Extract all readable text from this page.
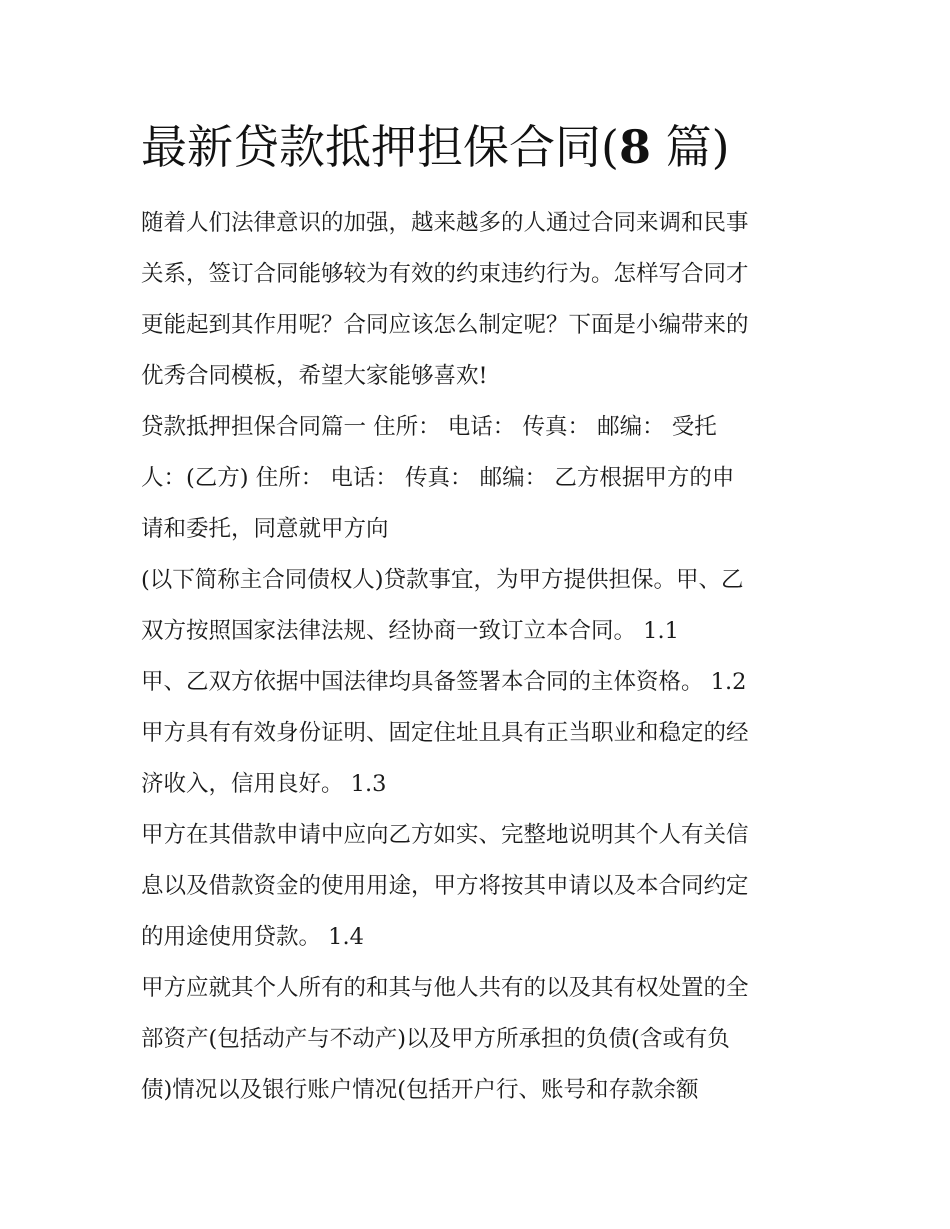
最新贷款抵押担保合同(8 篇)
随着人们法律意识的加强，越来越多的人通过合同来调和民事
关系，签订合同能够较为有效的约束违约行为。怎样写合同才
更能起到其作用呢？合同应该怎么制定呢？下面是小编带来的
优秀合同模板，希望大家能够喜欢!
贷款抵押担保合同篇一 住所： 电话： 传真： 邮编： 受托
人：(乙方) 住所： 电话： 传真： 邮编： 乙方根据甲方的申
请和委托，同意就甲方向
(以下简称主合同债权人)贷款事宜，为甲方提供担保。甲、乙
双方按照国家法律法规、经协商一致订立本合同。 1.1
甲、乙双方依据中国法律均具备签署本合同的主体资格。 1.2
甲方具有有效身份证明、固定住址且具有正当职业和稳定的经
济收入，信用良好。 1.3
甲方在其借款申请中应向乙方如实、完整地说明其个人有关信
息以及借款资金的使用用途，甲方将按其申请以及本合同约定
的用途使用贷款。 1.4
甲方应就其个人所有的和其与他人共有的以及其有权处置的全
部资产(包括动产与不动产)以及甲方所承担的负债(含或有负
债)情况以及银行账户情况(包括开户行、账号和存款余额
